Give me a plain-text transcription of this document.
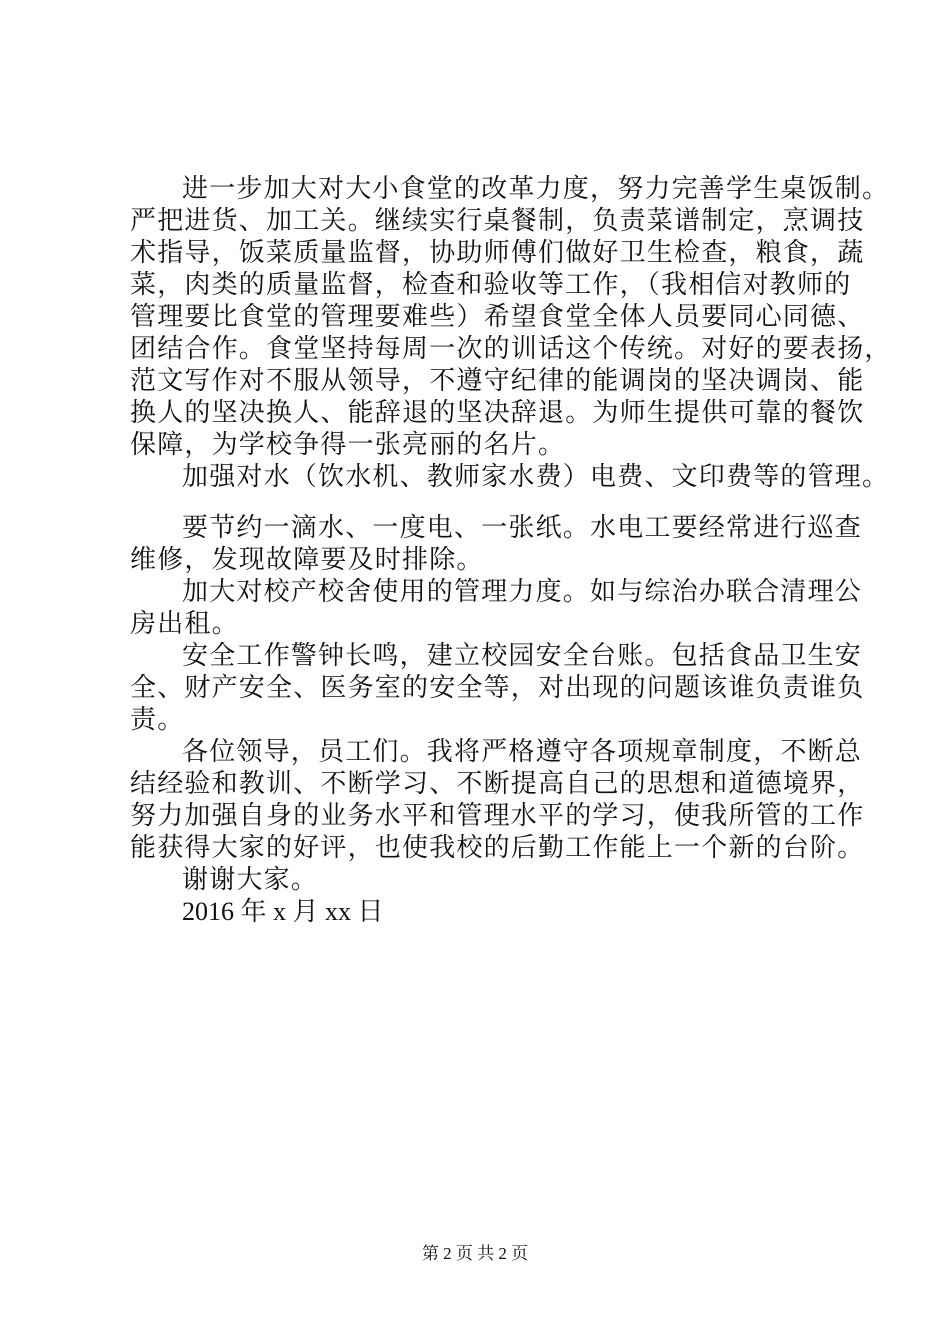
进一步加大对大小食堂的改革力度，努力完善学生桌饭制。
严把进货、加工关。继续实行桌餐制，负责菜谱制定，烹调技
术指导，饭菜质量监督，协助师傅们做好卫生检查，粮食，蔬
菜，肉类的质量监督，检查和验收等工作，（我相信对教师的
管理要比食堂的管理要难些）希望食堂全体人员要同心同德、
团结合作。食堂坚持每周一次的训话这个传统。对好的要表扬，
范文写作对不服从领导，不遵守纪律的能调岗的坚决调岗、能
换人的坚决换人、能辞退的坚决辞退。为师生提供可靠的餐饮
保障，为学校争得一张亮丽的名片。
加强对水（饮水机、教师家水费）电费、文印费等的管理。
要节约一滴水、一度电、一张纸。水电工要经常进行巡查
维修，发现故障要及时排除。
加大对校产校舍使用的管理力度。如与综治办联合清理公
房出租。
安全工作警钟长鸣，建立校园安全台账。包括食品卫生安
全、财产安全、医务室的安全等，对出现的问题该谁负责谁负
责。
各位领导，员工们。我将严格遵守各项规章制度，不断总
结经验和教训、不断学习、不断提高自己的思想和道德境界，
努力加强自身的业务水平和管理水平的学习，使我所管的工作
能获得大家的好评，也使我校的后勤工作能上一个新的台阶。
谢谢大家。
2016 年 x 月 xx 日
第 2 页 共 2 页
